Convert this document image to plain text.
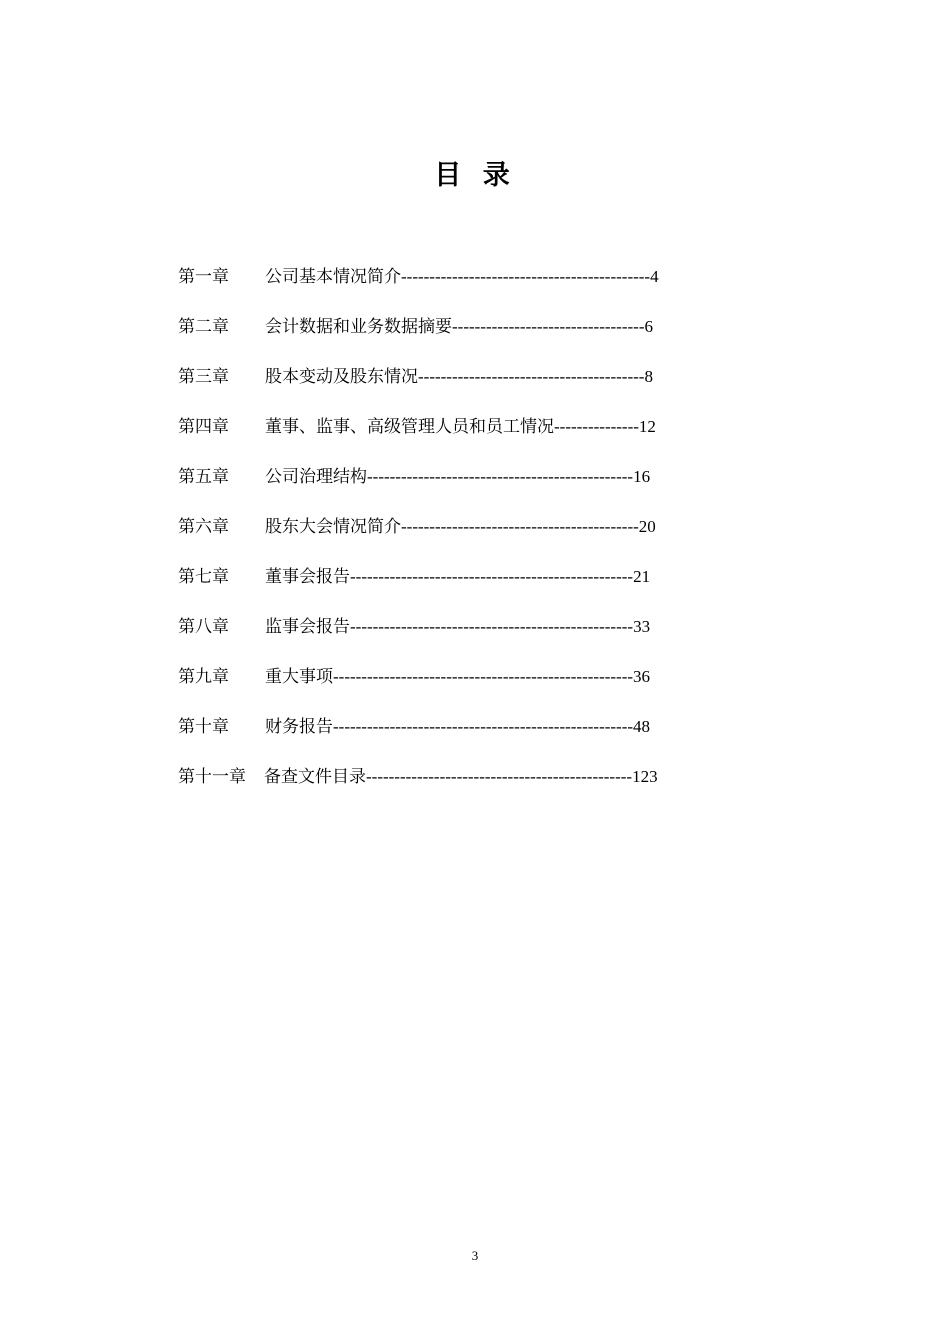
目 录
第一章	公司基本情况简介--------------------------------------------4
第二章	会计数据和业务数据摘要----------------------------------6
第三章	股本变动及股东情况----------------------------------------8
第四章	董事、监事、高级管理人员和员工情况---------------12
第五章	公司治理结构-----------------------------------------------16
第六章	股东大会情况简介------------------------------------------20
第七章	董事会报告--------------------------------------------------21
第八章	监事会报告--------------------------------------------------33
第九章	重大事项-----------------------------------------------------36
第十章	财务报告-----------------------------------------------------48
第十一章	备查文件目录-----------------------------------------------123
3
